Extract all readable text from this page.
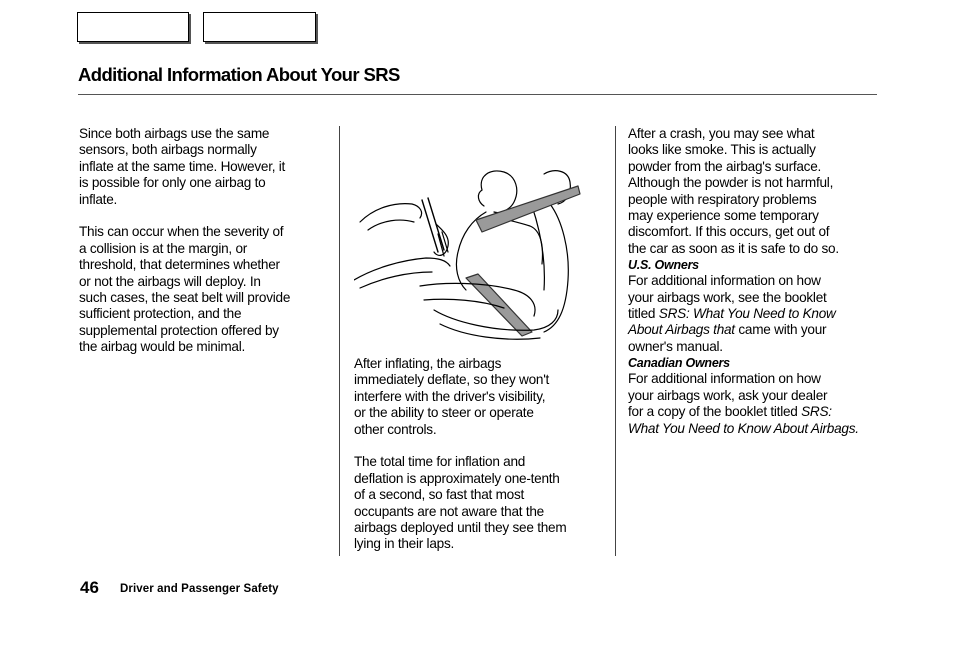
Additional Information About Your SRS

Since both airbags use the same
sensors, both airbags normally
inflate at the same time. However, it
is possible for only one airbag to
inflate.

This can occur when the severity of
a collision is at the margin, or
threshold, that determines whether
or not the airbags will deploy. In
such cases, the seat belt will provide
sufficient protection, and the
supplemental protection offered by
the airbag would be minimal.

After inflating, the airbags
immediately deflate, so they won't
interfere with the driver's visibility,
or the ability to steer or operate
other controls.

The total time for inflation and
deflation is approximately one-tenth
of a second, so fast that most
occupants are not aware that the
airbags deployed until they see them
lying in their laps.

After a crash, you may see what
looks like smoke. This is actually
powder from the airbag's surface.
Although the powder is not harmful,
people with respiratory problems
may experience some temporary
discomfort. If this occurs, get out of
the car as soon as it is safe to do so.

U.S. Owners

For additional information on how
your airbags work, see the booklet
titled SRS: What You Need to Know
About Airbags that came with your
owner's manual.

Canadian Owners

For additional information on how
your airbags work, ask your dealer
for a copy of the booklet titled SRS:
What You Need to Know About Airbags.

46 Driver and Passenger Safety
